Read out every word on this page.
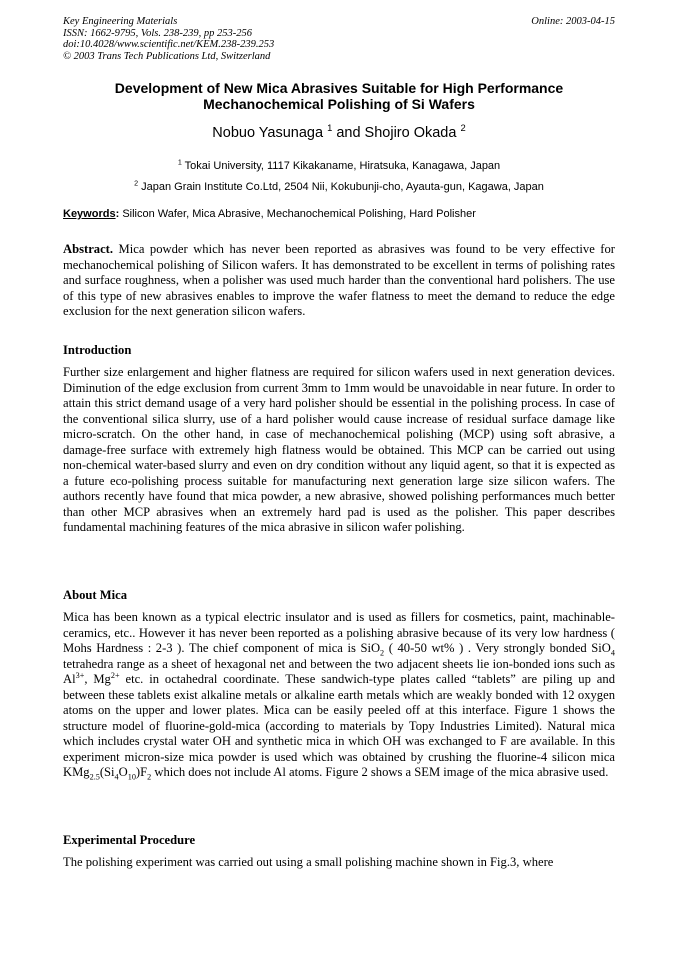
Key Engineering Materials
ISSN: 1662-9795, Vols. 238-239, pp 253-256
doi:10.4028/www.scientific.net/KEM.238-239.253
© 2003 Trans Tech Publications Ltd, Switzerland
Online: 2003-04-15
Development of New Mica Abrasives Suitable for High Performance
Mechanochemical Polishing of Si Wafers
Nobuo Yasunaga $^1$ and Shojiro Okada $^2$
$^1$ Tokai University, 1117 Kikakaname, Hiratsuka, Kanagawa, Japan
$^2$ Japan Grain Institute Co.Ltd, 2504 Nii, Kokubunji-cho, Ayauta-gun, Kagawa, Japan
Keywords: Silicon Wafer, Mica Abrasive, Mechanochemical Polishing, Hard Polisher
Abstract. Mica powder which has never been reported as abrasives was found to be very effective for mechanochemical polishing of Silicon wafers. It has demonstrated to be excellent in terms of polishing rates and surface roughness, when a polisher was used much harder than the conventional hard polishers. The use of this type of new abrasives enables to improve the wafer flatness to meet the demand to reduce the edge exclusion for the next generation silicon wafers.
Introduction
Further size enlargement and higher flatness are required for silicon wafers used in next generation devices. Diminution of the edge exclusion from current 3mm to 1mm would be unavoidable in near future. In order to attain this strict demand usage of a very hard polisher should be essential in the polishing process. In case of the conventional silica slurry, use of a hard polisher would cause increase of residual surface damage like micro-scratch. On the other hand, in case of mechanochemical polishing (MCP) using soft abrasive, a damage-free surface with extremely high flatness would be obtained. This MCP can be carried out using non-chemical water-based slurry and even on dry condition without any liquid agent, so that it is expected as a future eco-polishing process suitable for manufacturing next generation large size silicon wafers. The authors recently have found that mica powder, a new abrasive, showed polishing performances much better than other MCP abrasives when an extremely hard pad is used as the polisher. This paper describes fundamental machining features of the mica abrasive in silicon wafer polishing.
About Mica
Mica has been known as a typical electric insulator and is used as fillers for cosmetics, paint, machinable-ceramics, etc.. However it has never been reported as a polishing abrasive because of its very low hardness ( Mohs Hardness : 2-3 ). The chief component of mica is SiO$_2$ ( 40-50 wt% ) . Very strongly bonded SiO$_4$ tetrahedra range as a sheet of hexagonal net and between the two adjacent sheets lie ion-bonded ions such as $Al^{3+}$, $Mg^{2+}$ etc. in octahedral coordinate. These sandwich-type plates called “tablets” are piling up and between these tablets exist alkaline metals or alkaline earth metals which are weakly bonded with 12 oxygen atoms on the upper and lower plates. Mica can be easily peeled off at this interface. Figure 1 shows the structure model of fluorine-gold-mica (according to materials by Topy Industries Limited). Natural mica which includes crystal water OH and synthetic mica in which OH was exchanged to F are available. In this experiment micron-size mica powder is used which was obtained by crushing the fluorine-4 silicon mica $KMg_{2.5}(Si_4O_{10})F_2$ which does not include Al atoms. Figure 2 shows a SEM image of the mica abrasive used.
Experimental Procedure
The polishing experiment was carried out using a small polishing machine shown in Fig.3, where
